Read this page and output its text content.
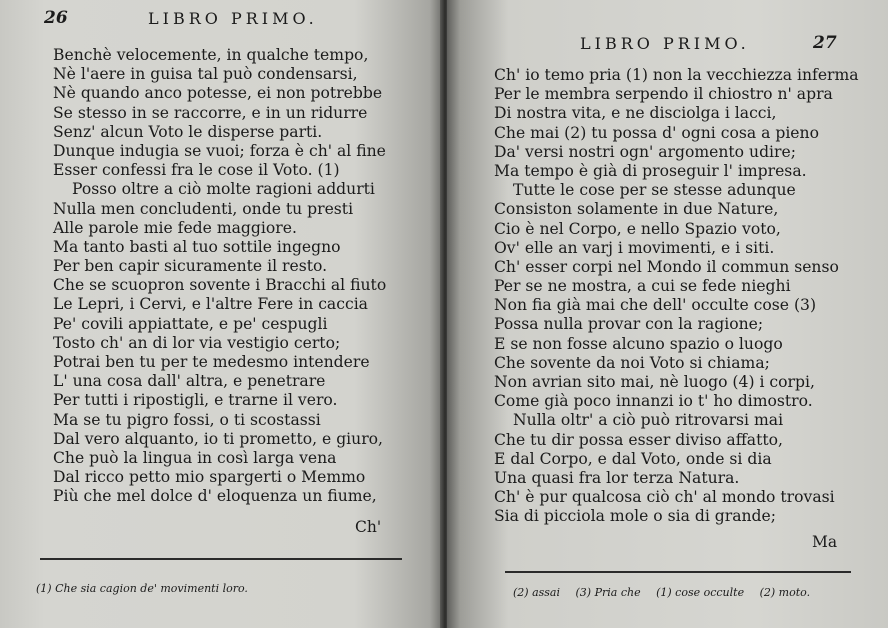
26	LIBRO PRIMO.
Benchè velocemente, in qualche tempo,
Nè l'aere in guisa tal può condensarsi,
Nè quando anco potesse, ei non potrebbe
Se stesso in se raccorre, e in un ridurre
Senz' alcun Voto le disperse parti.
Dunque indugia se vuoi; forza è ch' al fine
Esser confessi fra le cose il Voto. (1)
Posso oltre a ciò molte ragioni addurti
Nulla men concludenti, onde tu presti
Alle parole mie fede maggiore.
Ma tanto basti al tuo sottile ingegno
Per ben capir sicuramente il resto.
Che se scuopron sovente i Bracchi al fiuto
Le Lepri, i Cervi, e l'altre Fere in caccia
Pe' covili appiattate, e pe' cespugli
Tosto ch' an di lor via vestigio certo;
Potrai ben tu per te medesmo intendere
L' una cosa dall' altra, e penetrare
Per tutti i ripostigli, e trarne il vero.
Ma se tu pigro fossi, o ti scostassi
Dal vero alquanto, io ti prometto, e giuro,
Che può la lingua in così larga vena
Dal ricco petto mio spargerti o Memmo
Più che mel dolce d' eloquenza un fiume,
Ch'
(1) Che sia cagion de' movimenti loro.
LIBRO PRIMO.	27
Ch' io temo pria (1) non la vecchiezza inferma
Per le membra serpendo il chiostro n' apra
Di nostra vita, e ne disciolga i lacci,
Che mai (2) tu possa d' ogni cosa a pieno
Da' versi nostri ogn' argomento udire;
Ma tempo è già di proseguir l' impresa.
Tutte le cose per se stesse adunque
Consiston solamente in due Nature,
Cio è nel Corpo, e nello Spazio voto,
Ov' elle an varj i movimenti, e i siti.
Ch' esser corpi nel Mondo il commun senso
Per se ne mostra, a cui se fede nieghi
Non fia già mai che dell' occulte cose (3)
Possa nulla provar con la ragione;
E se non fosse alcuno spazio o luogo
Che sovente da noi Voto si chiama;
Non avrian sito mai, nè luogo (4) i corpi,
Come già poco innanzi io t' ho dimostro.
Nulla oltr' a ciò può ritrovarsi mai
Che tu dir possa esser diviso affatto,
E dal Corpo, e dal Voto, onde si dia
Una quasi fra lor terza Natura.
Ch' è pur qualcosa ciò ch' al mondo trovasi
Sia di picciola mole o sia di grande;
Ma
(2) assai (3) Pria che (1) cose occulte (2) moto.
